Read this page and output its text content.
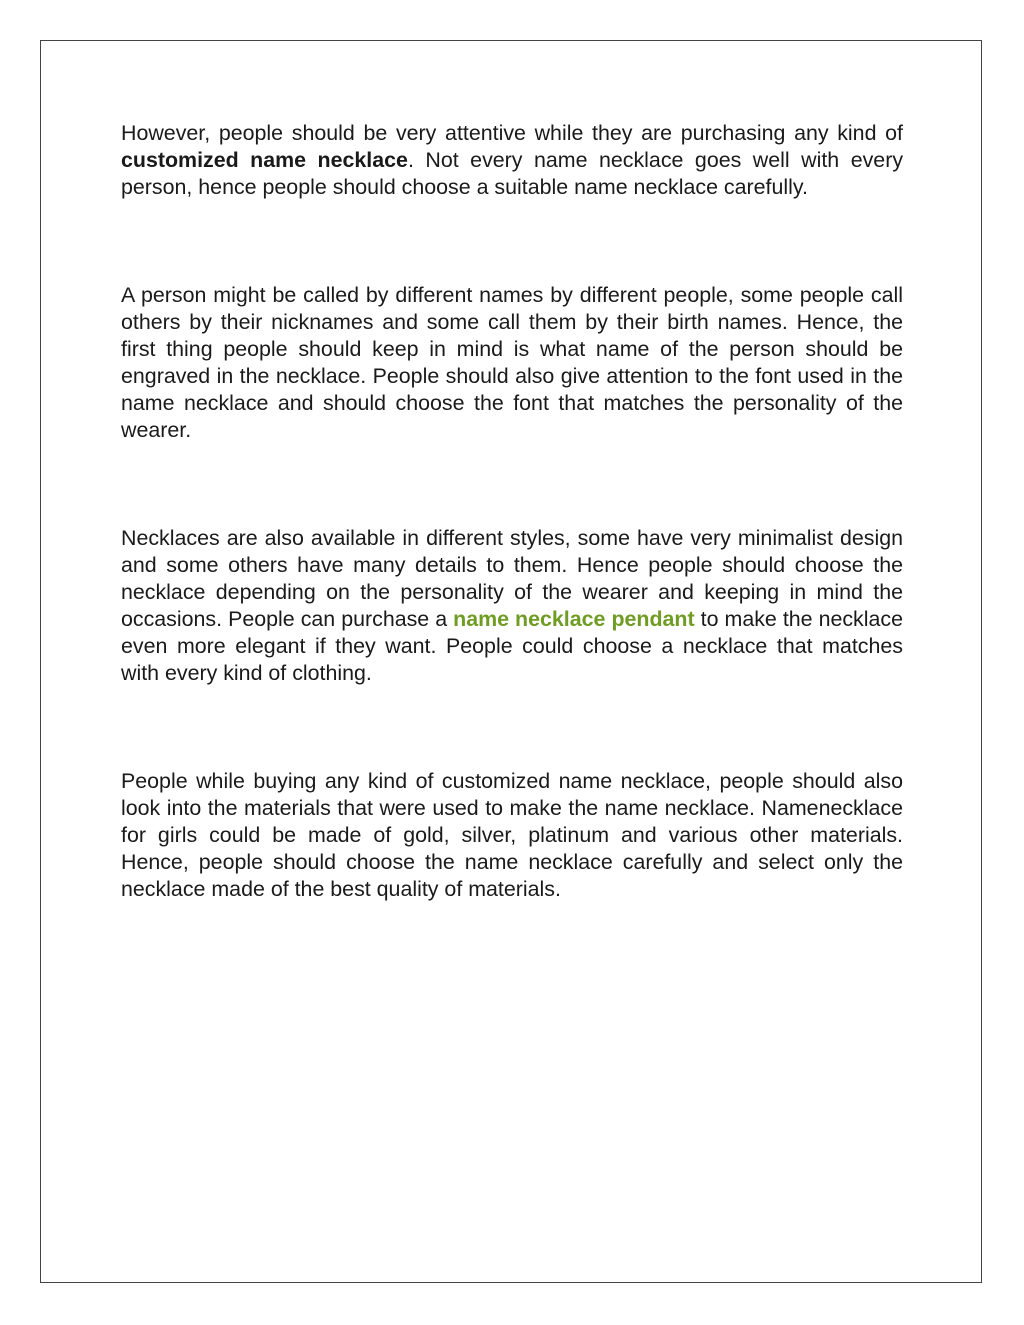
However, people should be very attentive while they are purchasing any kind of customized name necklace. Not every name necklace goes well with every person, hence people should choose a suitable name necklace carefully.

A person might be called by different names by different people, some people call others by their nicknames and some call them by their birth names. Hence, the first thing people should keep in mind is what name of the person should be engraved in the necklace. People should also give attention to the font used in the name necklace and should choose the font that matches the personality of the wearer.

Necklaces are also available in different styles, some have very minimalist design and some others have many details to them. Hence people should choose the necklace depending on the personality of the wearer and keeping in mind the occasions. People can purchase a name necklace pendant to make the necklace even more elegant if they want. People could choose a necklace that matches with every kind of clothing.

People while buying any kind of customized name necklace, people should also look into the materials that were used to make the name necklace. Namenecklace for girls could be made of gold, silver, platinum and various other materials. Hence, people should choose the name necklace carefully and select only the necklace made of the best quality of materials.
